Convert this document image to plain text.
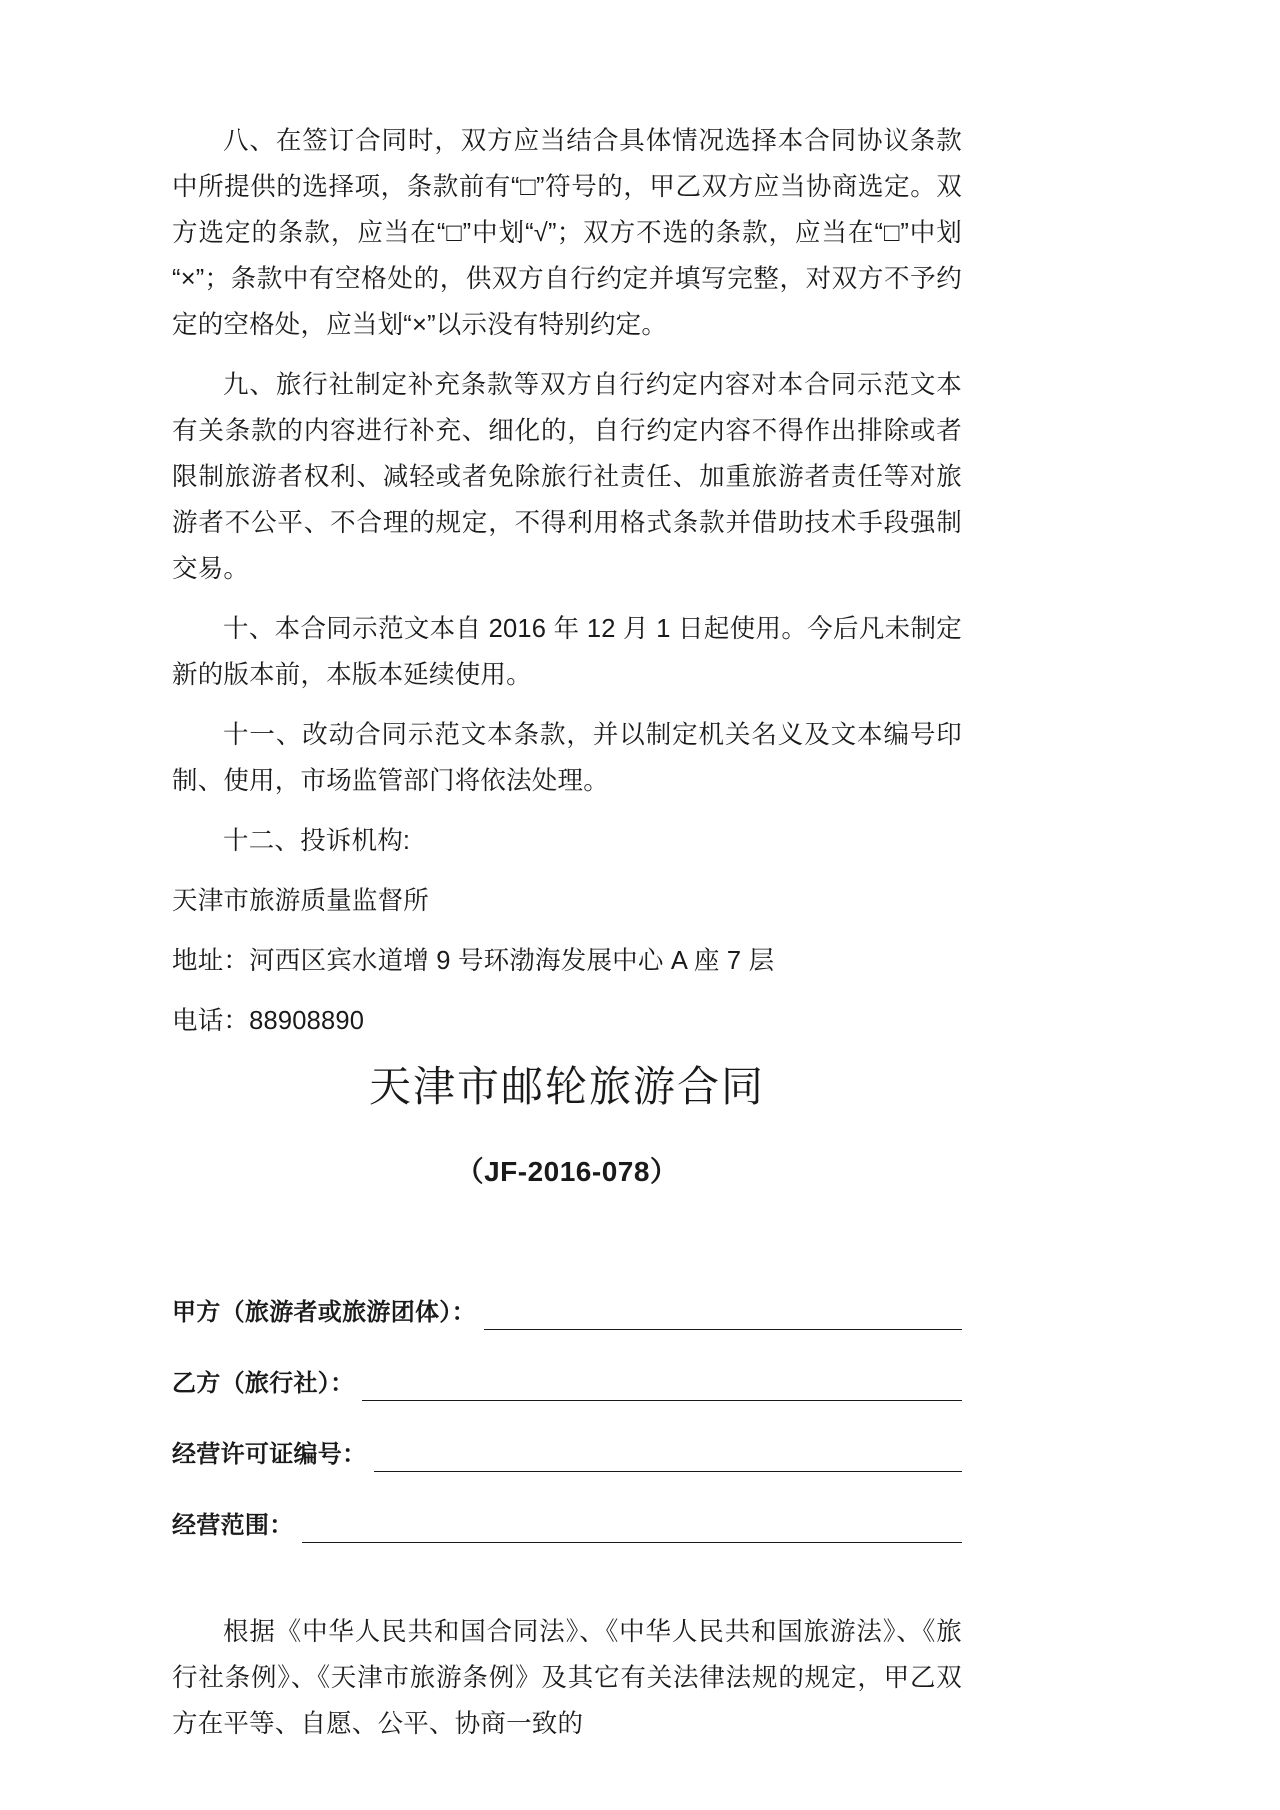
八、在签订合同时，双方应当结合具体情况选择本合同协议条款中所提供的选择项，条款前有“□”符号的，甲乙双方应当协商选定。双方选定的条款，应当在“□”中划“√”；双方不选的条款，应当在“□”中划“×”；条款中有空格处的，供双方自行约定并填写完整，对双方不予约定的空格处，应当划“×”以示没有特别约定。

九、旅行社制定补充条款等双方自行约定内容对本合同示范文本有关条款的内容进行补充、细化的，自行约定内容不得作出排除或者限制旅游者权利、减轻或者免除旅行社责任、加重旅游者责任等对旅游者不公平、不合理的规定，不得利用格式条款并借助技术手段强制交易。

十、本合同示范文本自 2016 年 12 月 1 日起使用。今后凡未制定新的版本前，本版本延续使用。

十一、改动合同示范文本条款，并以制定机关名义及文本编号印制、使用，市场监管部门将依法处理。

十二、投诉机构:

天津市旅游质量监督所

地址：河西区宾水道增 9 号环渤海发展中心 A 座 7 层

电话：88908890

天津市邮轮旅游合同
（JF-2016-078）
甲方（旅游者或旅游团体）：
乙方（旅行社）：
经营许可证编号：
经营范围：

根据《中华人民共和国合同法》、《中华人民共和国旅游法》、《旅行社条例》、《天津市旅游条例》及其它有关法律法规的规定，甲乙双方在平等、自愿、公平、协商一致的
